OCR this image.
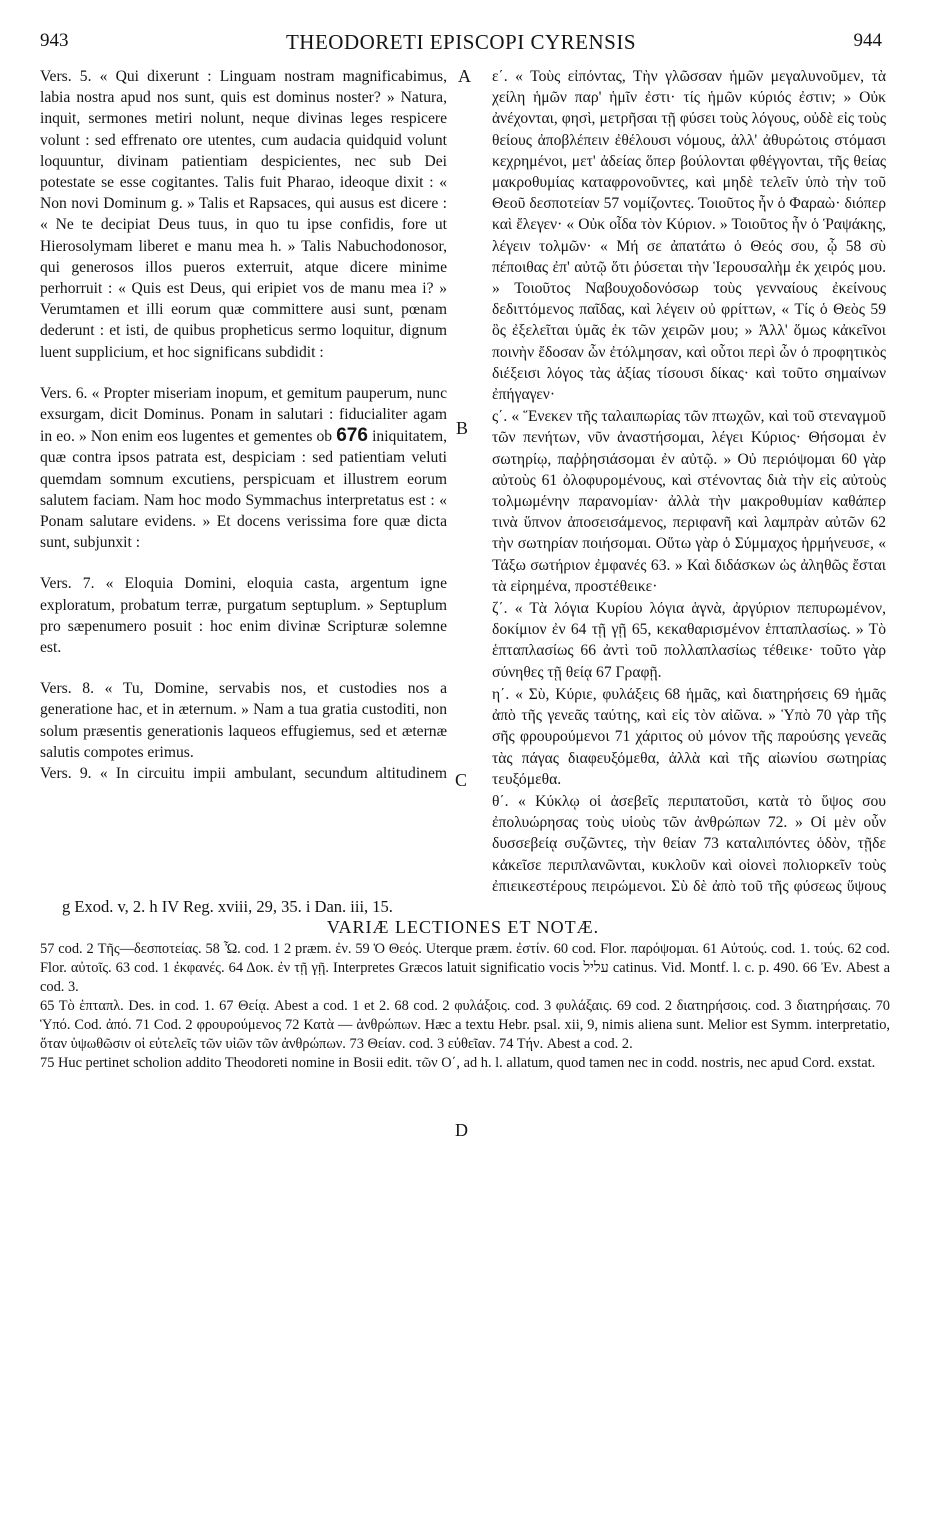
943	THEODORETI EPISCOPI CYRENSIS	944

Vers. 5. « Qui dixerunt : Linguam nostram magnificabimus, labia nostra apud nos sunt, quis est dominus noster? » Natura, inquit, sermones metiri nolunt, neque divinas leges respicere volunt : sed effrenato ore utentes, cum audacia quidquid volunt loquuntur, divinam patientiam despicientes, nec sub Dei potestate se esse cogitantes. Talis fuit Pharao, ideoque dixit : « Non novi Dominum g. » Talis et Rapsaces, qui ausus est dicere : « Ne te decipiat Deus tuus, in quo tu ipse confidis, fore ut Hierosolymam liberet e manu mea h. » Talis Nabuchodonosor, qui generosos illos pueros exterruit, atque dicere minime perhorruit : « Quis est Deus, qui eripiet vos de manu mea i? » Verumtamen et illi eorum quæ committere ausi sunt, pœnam dederunt : et isti, de quibus propheticus sermo loquitur, dignum luent supplicium, et hoc significans subdidit :

Vers. 6. « Propter miseriam inopum, et gemitum pauperum, nunc exsurgam, dicit Dominus. Ponam in salutari : fiducialiter agam in eo. » Non enim eos lugentes et gementes ob 676 iniquitatem, quæ contra ipsos patrata est, despiciam : sed patientiam veluti quemdam somnum excutiens, perspicuam et illustrem eorum salutem faciam. Nam hoc modo Symmachus interpretatus est : « Ponam salutare evidens. » Et docens verissima fore quæ dicta sunt, subjunxit :

Vers. 7. « Eloquia Domini, eloquia casta, argentum igne exploratum, probatum terræ, purgatum septuplum. » Septuplum pro sæpenumero posuit : hoc enim divinæ Scripturæ solemne est.

Vers. 8. « Tu, Domine, servabis nos, et custodies nos a generatione hac, et in æternum. » Nam a tua gratia custoditi, non solum præsentis generationis laqueos effugiemus, sed et æternæ salutis compotes erimus.

Vers. 9. « In circuitu impii ambulant, secundum altitudinem

A
B
C
D

ε΄. « Τοὺς εἰπόντας, Τὴν γλῶσσαν ἡμῶν μεγαλυνοῦμεν, τὰ χείλη ἡμῶν παρ' ἡμῖν ἐστι· τίς ἡμῶν κύριός ἐστιν; » Οὐκ ἀνέχονται, φησὶ, μετρῆσαι τῇ φύσει τοὺς λόγους, οὐδὲ εἰς τοὺς θείους ἀποβλέπειν ἐθέλουσι νόμους, ἀλλ' ἀθυρώτοις στόμασι κεχρημένοι, μετ' ἀδείας ὅπερ βούλονται φθέγγονται, τῆς θείας μακροθυμίας καταφρονοῦντες, καὶ μηδὲ τελεῖν ὑπὸ τὴν τοῦ Θεοῦ δεσποτείαν 57 νομίζοντες. Τοιοῦτος ἦν ὁ Φαραὼ· διόπερ καὶ ἔλεγεν· « Οὐκ οἶδα τὸν Κύριον. » Τοιοῦτος ἦν ὁ Ῥαψάκης, λέγειν τολμῶν· « Μή σε ἀπατάτω ὁ Θεός σου, ᾧ 58 σὺ πέποιθας ἐπ' αὐτῷ ὅτι ῥύσεται τὴν Ἱερουσαλὴμ ἐκ χειρός μου. » Τοιοῦτος Ναβουχοδονόσωρ τοὺς γενναίους ἐκείνους δεδιττόμενος παῖδας, καὶ λέγειν οὐ φρίττων, « Τίς ὁ Θεὸς 59 ὃς ἐξελεῖται ὑμᾶς ἐκ τῶν χειρῶν μου; » Ἀλλ' ὅμως κἀκεῖνοι ποινὴν ἔδοσαν ὧν ἐτόλμησαν, καὶ οὗτοι περὶ ὧν ὁ προφητικὸς διέξεισι λόγος τὰς ἀξίας τίσουσι δίκας· καὶ τοῦτο σημαίνων ἐπήγαγεν·

ς΄. « Ἕνεκεν τῆς ταλαιπωρίας τῶν πτωχῶν, καὶ τοῦ στεναγμοῦ τῶν πενήτων, νῦν ἀναστήσομαι, λέγει Κύριος· Θήσομαι ἐν σωτηρίῳ, παῤῥησιάσομαι ἐν αὐτῷ. » Οὐ περιόψομαι 60 γὰρ αὐτοὺς 61 ὀλοφυρομένους, καὶ στένοντας διὰ τὴν εἰς αὐτοὺς τολμωμένην παρανομίαν· ἀλλὰ τὴν μακροθυμίαν καθάπερ τινὰ ὕπνον ἀποσεισάμενος, περιφανῆ καὶ λαμπρὰν αὐτῶν 62 τὴν σωτηρίαν ποιήσομαι. Οὕτω γὰρ ὁ Σύμμαχος ἡρμήνευσε, « Τάξω σωτήριον ἐμφανές 63. » Καὶ διδάσκων ὡς ἀληθῶς ἔσται τὰ εἰρημένα, προστέθεικε·

ζ΄. « Τὰ λόγια Κυρίου λόγια ἁγνὰ, ἀργύριον πεπυρωμένον, δοκίμιον ἐν 64 τῇ γῇ 65, κεκαθαρισμένον ἑπταπλασίως. » Τὸ ἑπταπλασίως 66 ἀντὶ τοῦ πολλαπλασίως τέθεικε· τοῦτο γὰρ σύνηθες τῇ θείᾳ 67 Γραφῇ.

η΄. « Σὺ, Κύριε, φυλάξεις 68 ἡμᾶς, καὶ διατηρήσεις 69 ἡμᾶς ἀπὸ τῆς γενεᾶς ταύτης, καὶ εἰς τὸν αἰῶνα. » Ὑπὸ 70 γὰρ τῆς σῆς φρουρούμενοι 71 χάριτος οὐ μόνον τῆς παρούσης γενεᾶς τὰς πάγας διαφευξόμεθα, ἀλλὰ καὶ τῆς αἰωνίου σωτηρίας τευξόμεθα.

θ΄. « Κύκλῳ οἱ ἀσεβεῖς περιπατοῦσι, κατὰ τὸ ὕψος σου ἐπολυώρησας τοὺς υἱοὺς τῶν ἀνθρώπων 72. » Οἱ μὲν οὖν δυσσεβείᾳ συζῶντες, τὴν θείαν 73 καταλιπόντες ὁδὸν, τῇδε κἀκεῖσε περιπλανῶνται, κυκλοῦν καὶ οἱονεὶ πολιορκεῖν τοὺς ἐπιεικεστέρους πειρώμενοι. Σὺ δὲ ἀπὸ τοῦ τῆς φύσεως ὕψους

g Exod. v, 2. h IV Reg. xviii, 29, 35. i Dan. iii, 15.
VARIÆ LECTIONES ET NOTÆ.

57 cod. 2 Τῆς—δεσποτείας. 58 Ὦ. cod. 1 2 præm. ἐν. 59 Ὁ Θεός. Uterque præm. ἐστίν. 60 cod. Flor. παρόψομαι. 61 Αὐτούς. cod. 1. τούς. 62 cod. Flor. αὐτοῖς. 63 cod. 1 ἐκφανές. 64 Δοκ. ἐν τῇ γῇ. Interpretes Græcos latuit significatio vocis עליל catinus. Vid. Montf. l. c. p. 490. 66 Ἐν. Abest a cod. 3.

65 Τὸ ἑπταπλ. Des. in cod. 1. 67 Θείᾳ. Abest a cod. 1 et 2. 68 cod. 2 φυλάξοις. cod. 3 φυλάξαις. 69 cod. 2 διατηρήσοις. cod. 3 διατηρήσαις. 70 Ὑπό. Cod. ἀπό. 71 Cod. 2 φρουρούμενος 72 Κατὰ — ἀνθρώπων. Hæc a textu Hebr. psal. xii, 9, nimis aliena sunt. Melior est Symm. interpretatio, ὅταν ὑψωθῶσιν οἱ εὐτελεῖς τῶν υἱῶν τῶν ἀνθρώπων. 73 Θείαν. cod. 3 εὐθεῖαν. 74 Τήν. Abest a cod. 2.

75 Huc pertinet scholion addito Theodoreti nomine in Bosii edit. τῶν Ο΄, ad h. l. allatum, quod tamen nec in codd. nostris, nec apud Cord. exstat.
